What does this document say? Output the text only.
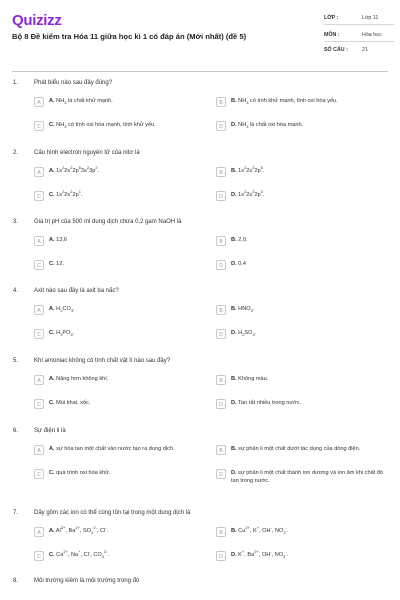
Quizizz
Bộ 8 Đề kiểm tra Hóa 11 giữa học kì 1 có đáp án (Mới nhất) (đề 5)
LỚP :	Lớp 11
MÔN :	Hóa học
SỐ CÂU :	21
1.	Phát biểu nào sau đây đúng?
A	A. $NH_3$ là chất khử mạnh.	B	B. $NH_3$ có tính khử mạnh, tính oxi hóa yếu.
C	C. $NH_3$ có tính oxi hóa mạnh, tính khử yếu.	D	D. $NH_3$ là chất oxi hóa mạnh.
2.	Cấu hình electron nguyên tử của nitơ là
A	A. $1s^22s^22p^63s^23p^2$.	B	B. $1s^22s^22p^5$.
C	C. $1s^22s^22p^1$.	D	D. $1s^22s^22p^3$.
3.	Giá trị pH của 500 ml dung dịch chứa 0,2 gam NaOH là
A	A. 13,6	B	B. 2,0.
C	C. 12.	D	D. 0,4
4.	Axit nào sau đây là axit ba nấc?
A	A. $H_2CO_3$.	B	B. $HNO_3$.
C	C. $H_3PO_4$.	D	D. $H_2SO_4$.
5.	Khí amoniac không có tính chất vật lí nào sau đây?
A	A. Nặng hơn không khí.	B	B. Không màu.
C	C. Mùi khai, xốc.	D	D. Tan rất nhiều trong nước.
6.	Sự điện li là
A	A. sự hòa tan một chất vào nước tạo ra dung dịch.	B	B. sự phân li một chất dưới tác dụng của dòng điện.
C	C. quá trình oxi hóa khử.	D	D. sự phân li một chất thành ion dương và ion âm khi chất đó tan trong nước.
7.	Dãy gồm các ion có thể cùng tồn tại trong một dung dịch là
A	A. $Al^{3+}$, $Ba^{2+}$, $SO_4^{2-}$, Cl-.	B	B. $Cu^{2+}$, K+, OH-, $NO_3^-$.
C	C. $Ca^{2+}$, Na+, Cl-, $CO_3^{2-}$.	D	D. K+, $Ba^{2+}$, OH-, $NO_3^-$.
8.	Môi trường kiềm là môi trường trong đó
